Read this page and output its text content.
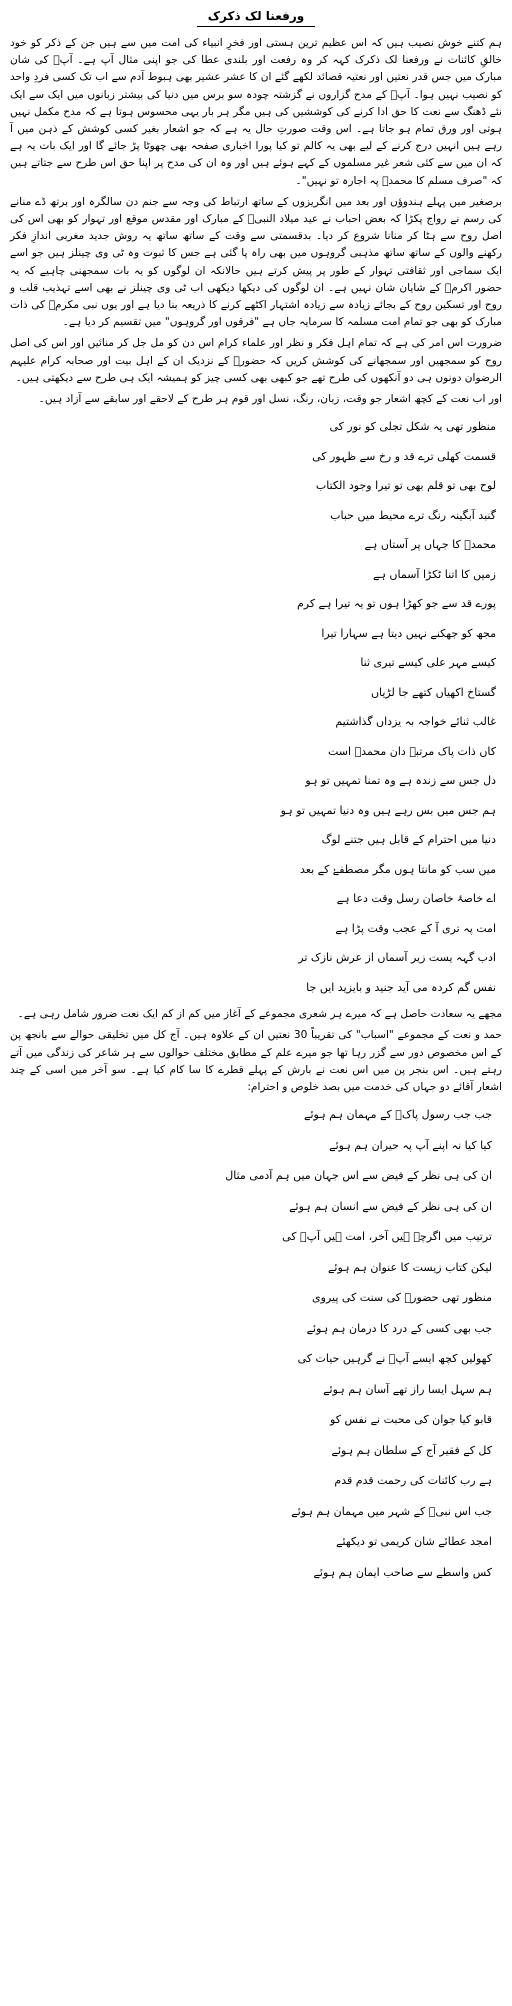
ورفعنا لک ذکرک

ہم کتنے خوش نصیب ہیں کہ اس عظیم ترین ہستی اور فخرِ انبیاء کی امت میں سے ہیں جن کے ذکر کو خود خالقِ کائنات نے ورفعنا لک ذکرک کہہ کر وہ رفعت اور بلندی عطا کی جو اپنی مثال آپ ہے۔ آپؐ کی شان مبارک میں جس قدر نعتیں اور نعتیہ قصائد لکھے گئے ان کا عشر عشیر بھی ہبوط آدم سے اب تک کسی فردِ واحد کو نصیب نہیں ہوا۔ آپؐ کے مدح گزاروں نے گزشتہ چودہ سو برس میں دنیا کی بیشتر زبانوں میں ایک سے ایک نئے ڈھنگ سے نعت کا حق ادا کرنے کی کوششیں کی ہیں مگر ہر بار یہی محسوس ہوتا ہے کہ مدح مکمل نہیں ہوتی اور ورق تمام ہو جاتا ہے۔ اس وقت صورتِ حال یہ ہے کہ جو اشعار بغیر کسی کوشش کے ذہن میں آ رہے ہیں انہیں درج کرنے کے لیے بھی یہ کالم تو کیا پورا اخباری صفحہ بھی چھوٹا پڑ جائے گا اور ایک بات یہ ہے کہ ان میں سے کئی شعر غیر مسلموں کے کہے ہوئے ہیں اور وہ ان کی مدح پر اپنا حق اس طرح سے جتاتے ہیں کہ "صرف مسلم کا محمدؐ پہ اجارہ تو نہیں"۔

برصغیر میں پہلے ہندوؤں اور بعد میں انگریزوں کے ساتھ ارتباط کی وجہ سے جنم دن سالگرہ اور برتھ ڈے منانے کی رسم نے رواج پکڑا کہ بعض احباب نے عید میلاد النبیؐ کے مبارک اور مقدس موقع اور تہوار کو بھی اس کی اصل روح سے ہٹا کر منانا شروع کر دیا۔ بدقسمتی سے وقت کے ساتھ ساتھ یہ روش جدید مغربی اندازِ فکر رکھنے والوں کے ساتھ ساتھ مذہبی گروہوں میں بھی راہ پا گئی ہے جس کا ثبوت وہ ٹی وی چینلز ہیں جو اسے ایک سماجی اور ثقافتی تہوار کے طور پر پیش کرتے ہیں حالانکہ ان لوگوں کو یہ بات سمجھنی چاہیے کہ یہ حضور اکرمؐ کے شایان شان نہیں ہے۔ ان لوگوں کی دیکھا دیکھی اب ٹی وی چینلز نے بھی اسے تہذیب قلب و روح اور تسکین روح کے بجائے زیادہ سے زیادہ اشتہار اکٹھے کرنے کا ذریعہ بنا دیا ہے اور یوں نبی مکرمؐ کی ذات مبارک کو بھی جو تمام امت مسلمہ کا سرمایہ جاں ہے "فرقوں اور گروہوں" میں تقسیم کر دیا ہے۔

ضرورت اس امر کی ہے کہ تمام اہل فکر و نظر اور علماء کرام اس دن کو مل جل کر منائیں اور اس کی اصل روح کو سمجھیں اور سمجھانے کی کوشش کریں کہ حضورؐ کے نزدیک ان کے اہل بیت اور صحابہ کرام علیہم الرضوان دونوں ہی دو آنکھوں کی طرح تھے جو کبھی بھی کسی چیز کو ہمیشہ ایک ہی طرح سے دیکھتی ہیں۔

اور اب نعت کے کچھ اشعار جو وقت، زبان، رنگ، نسل اور قوم ہر طرح کے لاحقے اور سابقے سے آزاد ہیں۔

منظور تھی یہ شکل تجلی کو نور کی
قسمت کھلی ترے قد و رخ سے ظہور کی
لوح بھی تو قلم بھی تو تیرا وجود الکتاب
گنبد آبگینہ رنگ ترے محیط میں حباب
محمدؐ کا جہاں پر آستاں ہے
زمیں کا اتنا ٹکڑا آسماں ہے
پورے قد سے جو کھڑا ہوں تو یہ تیرا ہے کرم
مجھ کو جھکنے نہیں دیتا ہے سہارا تیرا
کیسے مہر علی کیسے تیری ثنا
گستاخ اکھیاں کتھے جا لڑیاں
غالب ثنائے خواجہ بہ یزداں گذاشتیم
کاں ذات پاک مرتبہ دان محمدؐ است
دل جس سے زندہ ہے وہ تمنا تمہیں تو ہو
ہم جس میں بس رہے ہیں وہ دنیا تمہیں تو ہو
دنیا میں احترام کے قابل ہیں جتنے لوگ
میں سب کو مانتا ہوں مگر مصطفےٰ کے بعد
اے خاصۂ خاصان رسل وقت دعا ہے
امت پہ تری آ کے عجب وقت پڑا ہے
ادب گہہ یست زیر آسماں از عرش نازک تر
نفس گم کردہ می آید جنید و بایزید ایں جا

مجھے یہ سعادت حاصل ہے کہ میرے ہر شعری مجموعے کے آغاز میں کم از کم ایک نعت ضرور شامل رہی ہے۔

حمد و نعت کے مجموعے "اسباب" کی تقریباً 30 نعتیں ان کے علاوہ ہیں۔ آج کل میں تخلیقی حوالے سے بانجھ پن کے اس مخصوص دور سے گزر رہا تھا جو میرے علم کے مطابق مختلف حوالوں سے ہر شاعر کی زندگی میں آتے رہتے ہیں۔ اس بنجر پن میں اس نعت نے بارش کے پہلے قطرے کا سا کام کیا ہے۔ سو آخر میں اسی کے چند اشعار آقائے دو جہاں کی خدمت میں بصد خلوص و احترام:

جب جب رسول پاکؐ کے مہمان ہم ہوئے
کیا کیا نہ اپنے آپ پہ حیران ہم ہوئے
ان کی ہی نظر کے فیض سے اس جہان میں ہم آدمی مثال
ان کی ہی نظر کے فیض سے انسان ہم ہوئے
ترتیب میں اگرچہ ہیں آخر، امت ہیں آپؐ کی
لیکن کتاب زیست کا عنوان ہم ہوئے
منظور تھی حضورؐ کی سنت کی پیروی
جب بھی کسی کے درد کا درمان ہم ہوئے
کھولیں کچھ ایسے آپؐ نے گرہیں حیات کی
ہم سہل ایسا راز تھے آسان ہم ہوئے
قابو کیا جوان کی محبت نے نفس کو
کل کے فقیر آج کے سلطان ہم ہوئے
ہے رب کائنات کی رحمت قدم قدم
جب اس نبیؐ کے شہر میں مہمان ہم ہوئے
امجد عطائے شان کریمی تو دیکھئے
کس واسطے سے صاحب ایمان ہم ہوئے
